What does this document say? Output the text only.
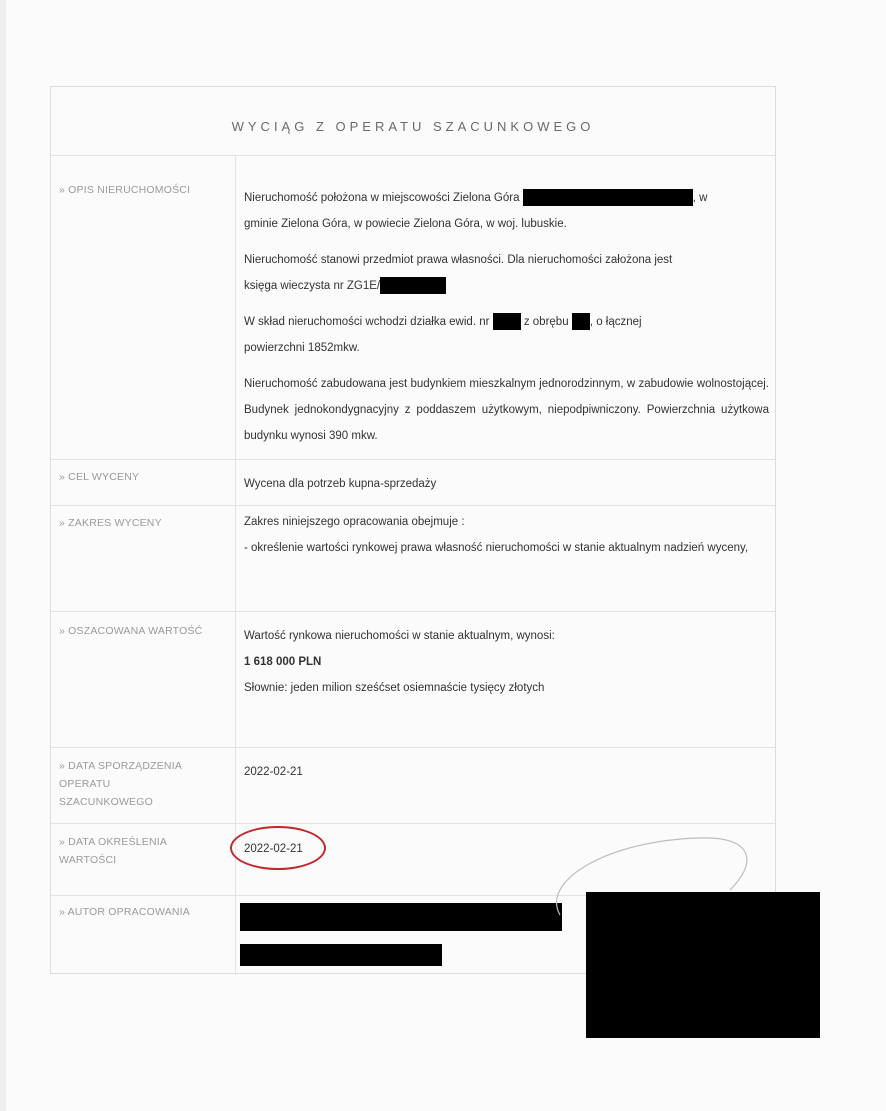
WYCIĄG Z OPERATU SZACUNKOWEGO
» OPIS NIERUCHOMOŚCI

Nieruchomość położona w miejscowości Zielona Góra	, w
gminie Zielona Góra, w powiecie Zielona Góra, w woj. lubuskie.

Nieruchomość stanowi przedmiot prawa własności. Dla nieruchomości założona jest
księga wieczysta nr ZG1E/

W skład nieruchomości wchodzi działka ewid. nr	z obrębu , o łącznej
powierzchni 1852mkw.

Nieruchomość zabudowana jest budynkiem mieszkalnym jednorodzinnym, w zabudowie wolnostojącej. Budynek jednokondygnacyjny z poddaszem użytkowym, niepodpiwniczony. Powierzchnia użytkowa budynku wynosi 390 mkw.

» CEL WYCENY
Wycena dla potrzeb kupna-sprzedaży
» ZAKRES WYCENY	Zakres niniejszego opracowania obejmuje :
- określenie wartości rynkowej prawa własność nieruchomości w stanie aktualnym nadzień wyceny,
» OSZACOWANA WARTOŚĆ	Wartość rynkowa nieruchomości w stanie aktualnym, wynosi:
1 618 000 PLN
Słownie: jeden milion sześćset osiemnaście tysięcy złotych
» DATA SPORZĄDZENIA
OPERATU
SZACUNKOWEGO
2022-02-21
» DATA OKREŚLENIA
WARTOŚCI
2022-02-21
» AUTOR OPRACOWANIA
